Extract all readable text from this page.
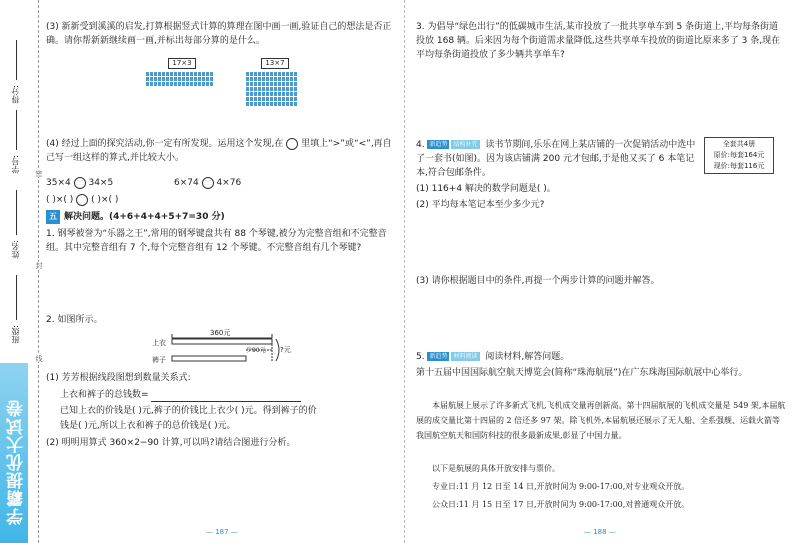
得分:
学号:
姓名:
班级:
学霸提优大试卷
密
封
线
(3) 新新受到溪溪的启发,打算根据竖式计算的算理在图中画一画,验证自己的想法是否正确。请你帮新新继续画一画,并标出每部分算的是什么。
17×3	13×7
(4) 经过上面的探究活动,你一定有所发现。运用这个发现,在 里填上“>”或“<”,再自己写一组这样的算式,并比较大小。
35×4 34×5	6×74 4×76
( )×( ) ( )×( )
五 解决问题。(4+6+4+4+5+7=30 分)
1. 钢琴被誉为“乐器之王”,常用的钢琴键盘共有 88 个琴键,被分为完整音组和不完整音组。其中完整音组有 7 个,每个完整音组有 12 个琴键。不完整音组有几个琴键?
2. 如图所示。
360元
上衣
裤子
少90元 ?元
(1) 芳芳根据线段图想到数量关系式:
上衣和裤子的总钱数=
已知上衣的价钱是( )元,裤子的价钱比上衣少( )元。得到裤子的价
钱是( )元,所以上衣和裤子的总价钱是( )元。
(2) 明明用算式 360×2−90 计算,可以吗?请结合图进行分析。
— 187 —
3. 为倡导“绿色出行”的低碳城市生活,某市投放了一批共享单车到 5 条街道上,平均每条街道投放 168 辆。后来因为每个街道需求量降低,这些共享单车投放的街道比原来多了 3 条,现在平均每条街道投放了多少辆共享单车?
4. 新趋势 结构补充 读书节期间,乐乐在网上某店铺的一次促销活动中选中了一套书(如图)。因为该店铺满 200 元才包邮,于是他又买了 6 本笔记本,符合包邮条件。
全套共4册
原价:每套164元
现价:每套116元
(1) 116+4 解决的数学问题是( )。
(2) 平均每本笔记本至少多少元?
(3) 请你根据题目中的条件,再提一个两步计算的问题并解答。
5. 新趋势 材料阅读 阅读材料,解答问题。
第十五届中国国际航空航天博览会(简称“珠海航展”)在广东珠海国际航展中心举行。
本届航展上展示了许多新式飞机,飞机成交量再创新高。第十四届航展的飞机成交量是 549 架,本届航展的成交量比第十四届的 2 倍还多 97 架。除飞机外,本届航展还展示了无人船、全系强舰、运载火箭等我国航空航天和国防科技的很多最新成果,彰显了中国力量。
以下是航展的具体开放安排与票价。
专业日:11 月 12 日至 14 日,开放时间为 9:00-17:00,对专业观众开放。
公众日:11 月 15 日至 17 日,开放时间为 9:00-17:00,对普通观众开放。
— 188 —
